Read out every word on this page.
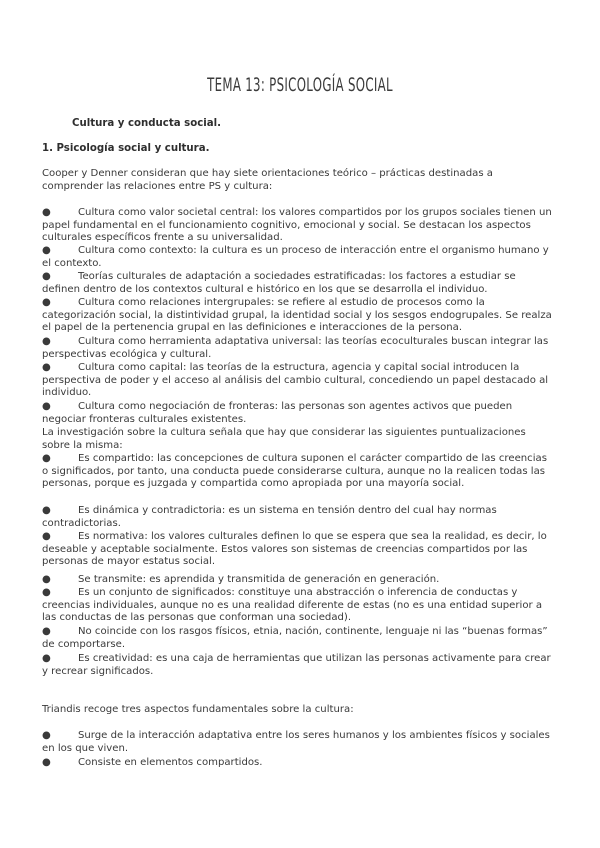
TEMA 13: PSICOLOGÍA SOCIAL
Cultura y conducta social.
1. Psicología social y cultura.
Cooper y Denner consideran que hay siete orientaciones teórico – prácticas destinadas a comprender las relaciones entre PS y cultura:
●	Cultura como valor societal central: los valores compartidos por los grupos sociales tienen un papel fundamental en el funcionamiento cognitivo, emocional y social. Se destacan los aspectos culturales específicos frente a su universalidad.
●	Cultura como contexto: la cultura es un proceso de interacción entre el organismo humano y el contexto.
●	Teorías culturales de adaptación a sociedades estratificadas: los factores a estudiar se definen dentro de los contextos cultural e histórico en los que se desarrolla el individuo.
●	Cultura como relaciones intergrupales: se refiere al estudio de procesos como la categorización social, la distintividad grupal, la identidad social y los sesgos endogrupales. Se realza el papel de la pertenencia grupal en las definiciones e interacciones de la persona.
●	Cultura como herramienta adaptativa universal: las teorías ecoculturales buscan integrar las perspectivas ecológica y cultural.
●	Cultura como capital: las teorías de la estructura, agencia y capital social introducen la perspectiva de poder y el acceso al análisis del cambio cultural, concediendo un papel destacado al individuo.
●	Cultura como negociación de fronteras: las personas son agentes activos que pueden negociar fronteras culturales existentes.
La investigación sobre la cultura señala que hay que considerar las siguientes puntualizaciones sobre la misma:
●	Es compartido: las concepciones de cultura suponen el carácter compartido de las creencias o significados, por tanto, una conducta puede considerarse cultura, aunque no la realicen todas las personas, porque es juzgada y compartida como apropiada por una mayoría social.
●	Es dinámica y contradictoria: es un sistema en tensión dentro del cual hay normas contradictorias.
●	Es normativa: los valores culturales definen lo que se espera que sea la realidad, es decir, lo deseable y aceptable socialmente. Estos valores son sistemas de creencias compartidos por las personas de mayor estatus social.
●	Se transmite: es aprendida y transmitida de generación en generación.
●	Es un conjunto de significados: constituye una abstracción o inferencia de conductas y creencias individuales, aunque no es una realidad diferente de estas (no es una entidad superior a las conductas de las personas que conforman una sociedad).
●	No coincide con los rasgos físicos, etnia, nación, continente, lenguaje ni las “buenas formas” de comportarse.
●	Es creatividad: es una caja de herramientas que utilizan las personas activamente para crear y recrear significados.
Triandis recoge tres aspectos fundamentales sobre la cultura:
●	Surge de la interacción adaptativa entre los seres humanos y los ambientes físicos y sociales en los que viven.
●	Consiste en elementos compartidos.
